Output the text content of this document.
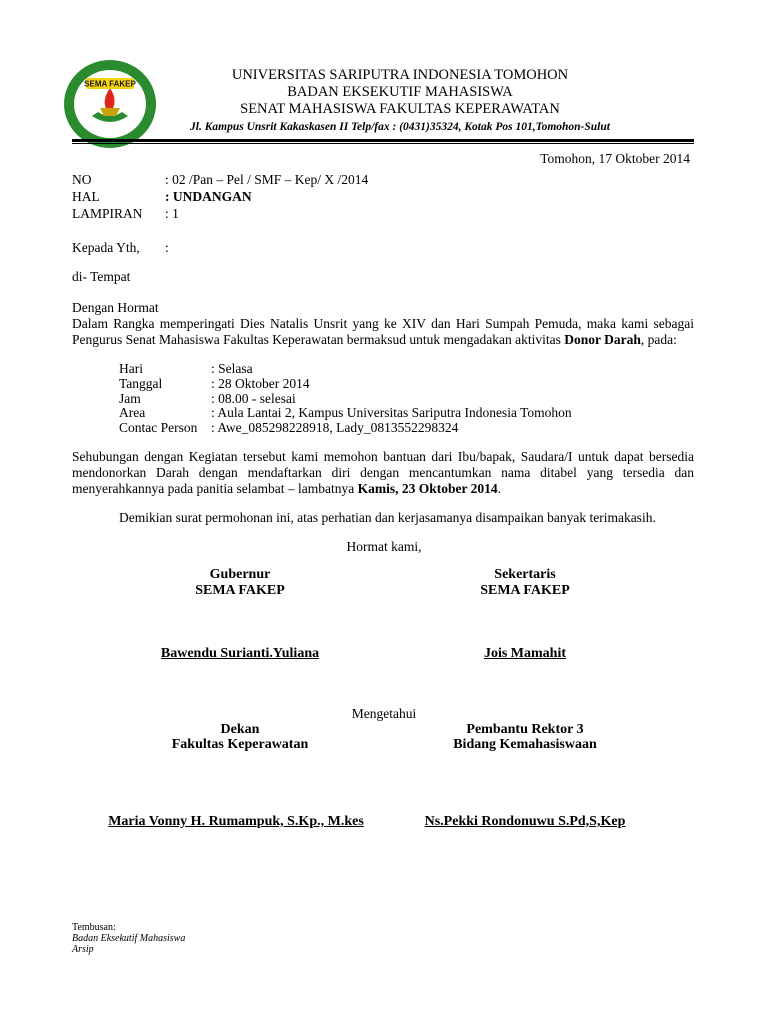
SEMA FAKEP
UNIVERSITAS SARIPUTRA INDONESIA TOMOHON
BADAN EKSEKUTIF MAHASISWA
SENAT MAHASISWA FAKULTAS KEPERAWATAN
Jl. Kampus Unsrit Kakaskasen II Telp/fax : (0431)35324, Kotak Pos 101,Tomohon-Sulut
Tomohon, 17 Oktober 2014
NO	: 02 /Pan – Pel / SMF – Kep/ X /2014
HAL	: UNDANGAN
LAMPIRAN : 1
Kepada Yth, :
di- Tempat
Dengan Hormat
Dalam Rangka memperingati Dies Natalis Unsrit yang ke XIV dan Hari Sumpah Pemuda, maka kami sebagai
Pengurus Senat Mahasiswa Fakultas Keperawatan bermaksud untuk mengadakan aktivitas Donor Darah, pada:
Hari	: Selasa
Tanggal	: 28 Oktober 2014
Jam	: 08.00 - selesai
Area	: Aula Lantai 2, Kampus Universitas Sariputra Indonesia Tomohon
Contac Person : Awe_085298228918, Lady_0813552298324
Sehubungan dengan Kegiatan tersebut kami memohon bantuan dari Ibu/bapak, Saudara/I untuk dapat bersedia
mendonorkan Darah dengan mendaftarkan diri dengan mencantumkan nama ditabel yang tersedia dan
menyerahkannya pada panitia selambat – lambatnya Kamis, 23 Oktober 2014.
Demikian surat permohonan ini, atas perhatian dan kerjasamanya disampaikan banyak terimakasih.
Hormat kami,
Gubernur
SEMA FAKEP
Sekertaris
SEMA FAKEP
Bawendu Surianti.Yuliana	Jois Mamahit
Mengetahui
Dekan
Fakultas Keperawatan
Pembantu Rektor 3
Bidang Kemahasiswaan
Maria Vonny H. Rumampuk, S.Kp., M.kes	Ns.Pekki Rondonuwu S.Pd,S,Kep
Tembusan:
Badan Eksekutif Mahasiswa
Arsip
